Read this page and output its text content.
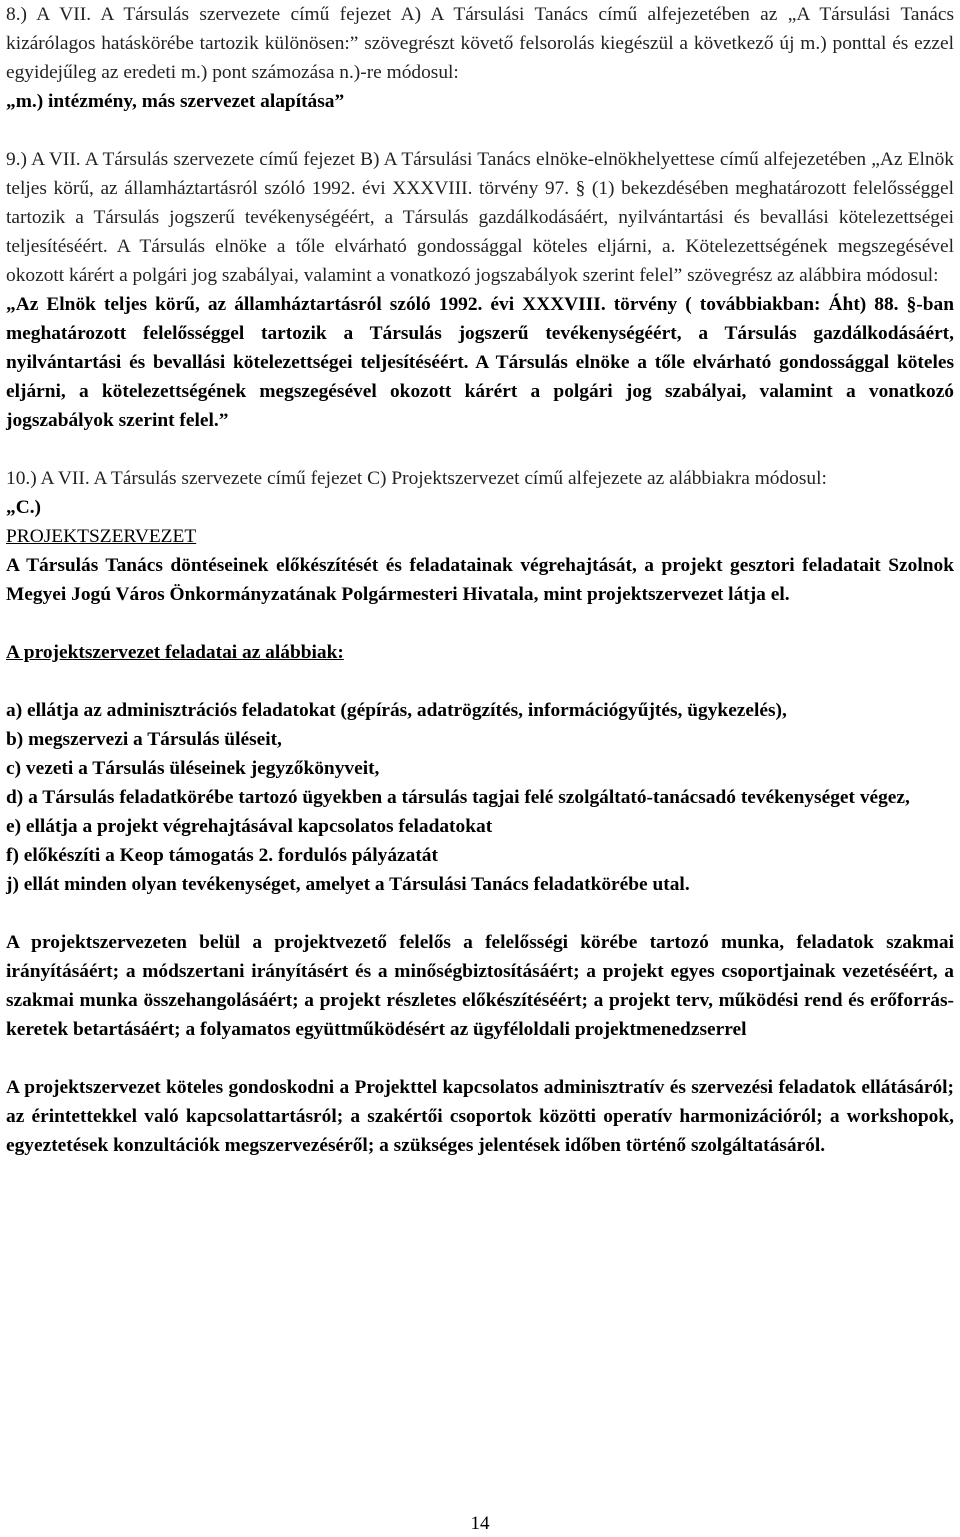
8.) A VII. A Társulás szervezete című fejezet A) A Társulási Tanács című alfejezetében az „A Társulási Tanács kizárólagos hatáskörébe tartozik különösen:” szövegrészt követő felsorolás kiegészül a következő új m.) ponttal és ezzel egyidejűleg az eredeti m.) pont számozása n.)-re módosul:

„m.) intézmény, más szervezet alapítása”

9.) A VII. A Társulás szervezete című fejezet B) A Társulási Tanács elnöke-elnökhelyettese című alfejezetében „Az Elnök teljes körű, az államháztartásról szóló 1992. évi XXXVIII. törvény 97. § (1) bekezdésében meghatározott felelősséggel tartozik a Társulás jogszerű tevékenységéért, a Társulás gazdálkodásáért, nyilvántartási és bevallási kötelezettségei teljesítéséért. A Társulás elnöke a tőle elvárható gondossággal köteles eljárni, a. Kötelezettségének megszegésével okozott kárért a polgári jog szabályai, valamint a vonatkozó jogszabályok szerint felel” szövegrész az alábbira módosul:

„Az Elnök teljes körű, az államháztartásról szóló 1992. évi XXXVIII. törvény ( továbbiakban: Áht) 88. §-ban meghatározott felelősséggel tartozik a Társulás jogszerű tevékenységéért, a Társulás gazdálkodásáért, nyilvántartási és bevallási kötelezettségei teljesítéséért. A Társulás elnöke a tőle elvárható gondossággal köteles eljárni, a kötelezettségének megszegésével okozott kárért a polgári jog szabályai, valamint a vonatkozó jogszabályok szerint felel.”

10.) A VII. A Társulás szervezete című fejezet C) Projektszervezet című alfejezete az alábbiakra módosul:

„C.)

PROJEKTSZERVEZET

A Társulás Tanács döntéseinek előkészítését és feladatainak végrehajtását, a projekt gesztori feladatait Szolnok Megyei Jogú Város Önkormányzatának Polgármesteri Hivatala, mint projektszervezet látja el.

A projektszervezet feladatai az alábbiak:

a) ellátja az adminisztrációs feladatokat (gépírás, adatrögzítés, információgyűjtés, ügykezelés),

b) megszervezi a Társulás üléseit,

c) vezeti a Társulás üléseinek jegyzőkönyveit,

d) a Társulás feladatkörébe tartozó ügyekben a társulás tagjai felé szolgáltató-tanácsadó tevékenységet végez,

e) ellátja a projekt végrehajtásával kapcsolatos feladatokat

f) előkészíti a Keop támogatás 2. fordulós pályázatát

j) ellát minden olyan tevékenységet, amelyet a Társulási Tanács feladatkörébe utal.

A projektszervezeten belül a projektvezető felelős a felelősségi körébe tartozó munka, feladatok szakmai irányításáért; a módszertani irányításért és a minőségbiztosításáért; a projekt egyes csoportjainak vezetéséért, a szakmai munka összehangolásáért; a projekt részletes előkészítéséért; a projekt terv, működési rend és erőforrás-keretek betartásáért; a folyamatos együttműködésért az ügyféloldali projektmenedzserrel

A projektszervezet köteles gondoskodni a Projekttel kapcsolatos adminisztratív és szervezési feladatok ellátásáról; az érintettekkel való kapcsolattartásról; a szakértői csoportok közötti operatív harmonizációról; a workshopok, egyeztetések konzultációk megszervezéséről; a szükséges jelentések időben történő szolgáltatásáról.

14
